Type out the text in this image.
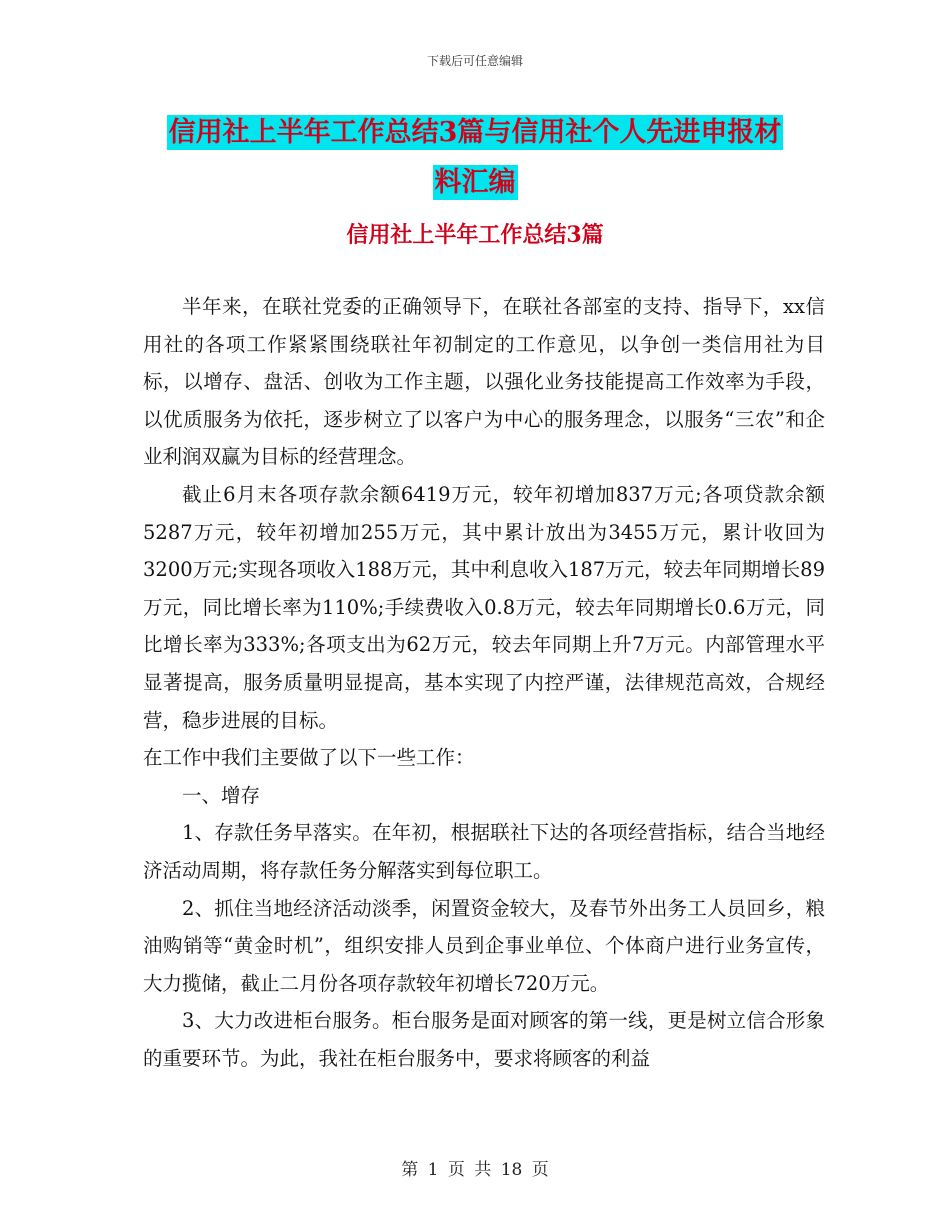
下载后可任意编辑
信用社上半年工作总结3篇与信用社个人先进申报材
料汇编
信用社上半年工作总结3篇

半年来，在联社党委的正确领导下，在联社各部室的支持、指导下，xx信用社的各项工作紧紧围绕联社年初制定的工作意见，以争创一类信用社为目标，以增存、盘活、创收为工作主题，以强化业务技能提高工作效率为手段，以优质服务为依托，逐步树立了以客户为中心的服务理念，以服务“三农”和企业利润双赢为目标的经营理念。

截止6月末各项存款余额6419万元，较年初增加837万元;各项贷款余额5287万元，较年初增加255万元，其中累计放出为3455万元，累计收回为3200万元;实现各项收入188万元，其中利息收入187万元，较去年同期增长89万元，同比增长率为110%;手续费收入0.8万元，较去年同期增长0.6万元，同比增长率为333%;各项支出为62万元，较去年同期上升7万元。内部管理水平显著提高，服务质量明显提高，基本实现了内控严谨，法律规范高效，合规经营，稳步进展的目标。

在工作中我们主要做了以下一些工作：

一、增存

1、存款任务早落实。在年初，根据联社下达的各项经营指标，结合当地经济活动周期，将存款任务分解落实到每位职工。

2、抓住当地经济活动淡季，闲置资金较大，及春节外出务工人员回乡，粮油购销等“黄金时机”，组织安排人员到企事业单位、个体商户进行业务宣传，大力揽储，截止二月份各项存款较年初增长720万元。

3、大力改进柜台服务。柜台服务是面对顾客的第一线，更是树立信合形象的重要环节。为此，我社在柜台服务中，要求将顾客的利益

第 1 页 共 18 页
